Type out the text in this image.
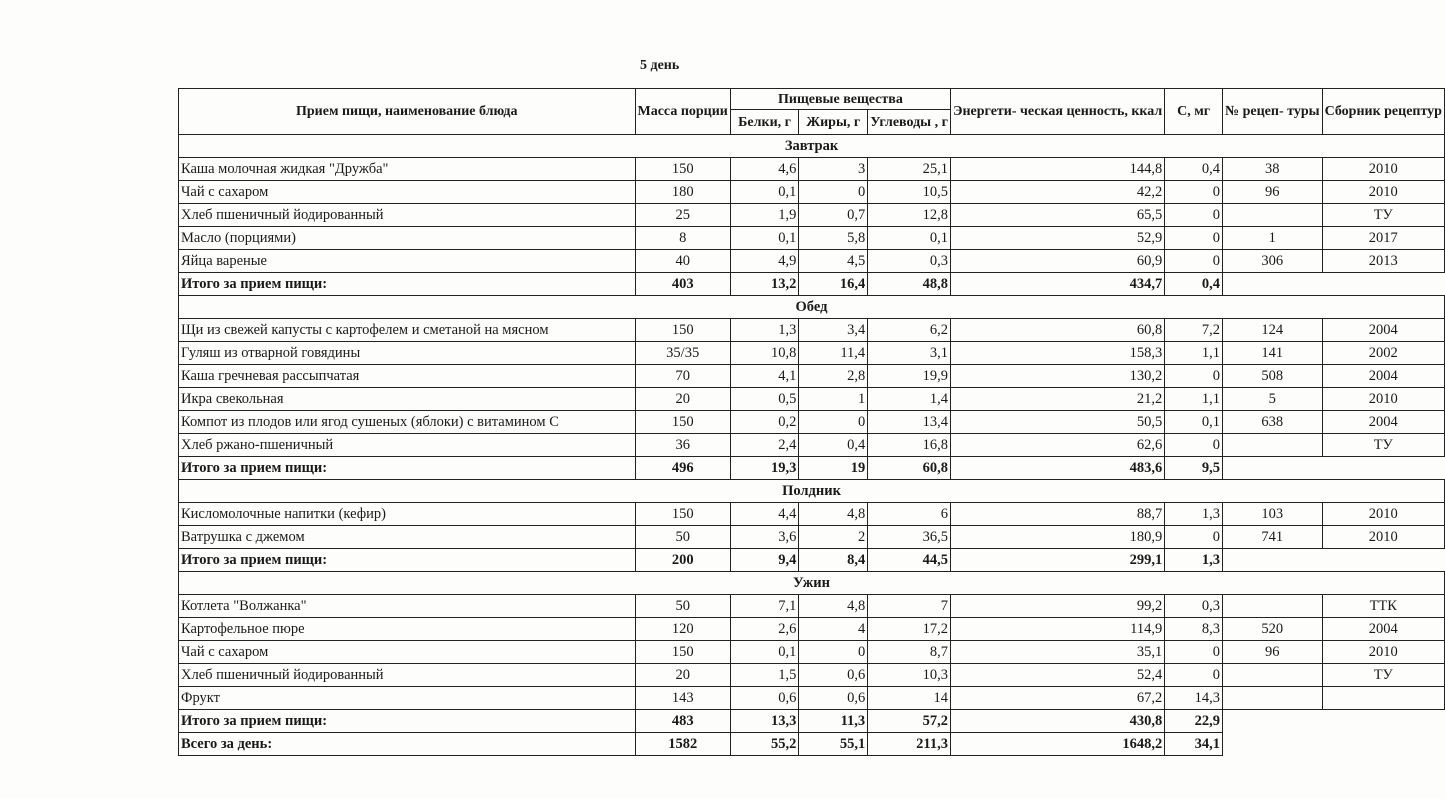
5 день
Прием пищи, наименование блюда	Масса порции	Пищевые вещества			Энергети- ческая ценность, ккал	С, мг	№ рецеп- туры	Сборник рецептур
		Белки, г	Жиры, г	Углеводы , г				
Завтрак								
Каша молочная жидкая "Дружба"	150	4,6	3	25,1	144,8	0,4	38	2010
Чай с сахаром	180	0,1	0	10,5	42,2	0	96	2010
Хлеб пшеничный йодированный	25	1,9	0,7	12,8	65,5	0		ТУ
Масло (порциями)	8	0,1	5,8	0,1	52,9	0	1	2017
Яйца вареные	40	4,9	4,5	0,3	60,9	0	306	2013
Итого за прием пищи:	403	13,2	16,4	48,8	434,7	0,4		
Обед								
Щи из свежей капусты с картофелем и сметаной на мясном	150	1,3	3,4	6,2	60,8	7,2	124	2004
Гуляш из отварной говядины	35/35	10,8	11,4	3,1	158,3	1,1	141	2002
Каша гречневая рассыпчатая	70	4,1	2,8	19,9	130,2	0	508	2004
Икра свекольная	20	0,5	1	1,4	21,2	1,1	5	2010
Компот из плодов или ягод сушеных (яблоки) с витамином С	150	0,2	0	13,4	50,5	0,1	638	2004
Хлеб ржано-пшеничный	36	2,4	0,4	16,8	62,6	0		ТУ
Итого за прием пищи:	496	19,3	19	60,8	483,6	9,5		
Полдник								
Кисломолочные напитки (кефир)	150	4,4	4,8	6	88,7	1,3	103	2010
Ватрушка с джемом	50	3,6	2	36,5	180,9	0	741	2010
Итого за прием пищи:	200	9,4	8,4	44,5	299,1	1,3		
Ужин								
Котлета "Волжанка"	50	7,1	4,8	7	99,2	0,3		ТТК
Картофельное пюре	120	2,6	4	17,2	114,9	8,3	520	2004
Чай с сахаром	150	0,1	0	8,7	35,1	0	96	2010
Хлеб пшеничный йодированный	20	1,5	0,6	10,3	52,4	0		ТУ
Фрукт	143	0,6	0,6	14	67,2	14,3		
Итого за прием пищи:	483	13,3	11,3	57,2	430,8	22,9		
Всего за день:	1582	55,2	55,1	211,3	1648,2	34,1		
